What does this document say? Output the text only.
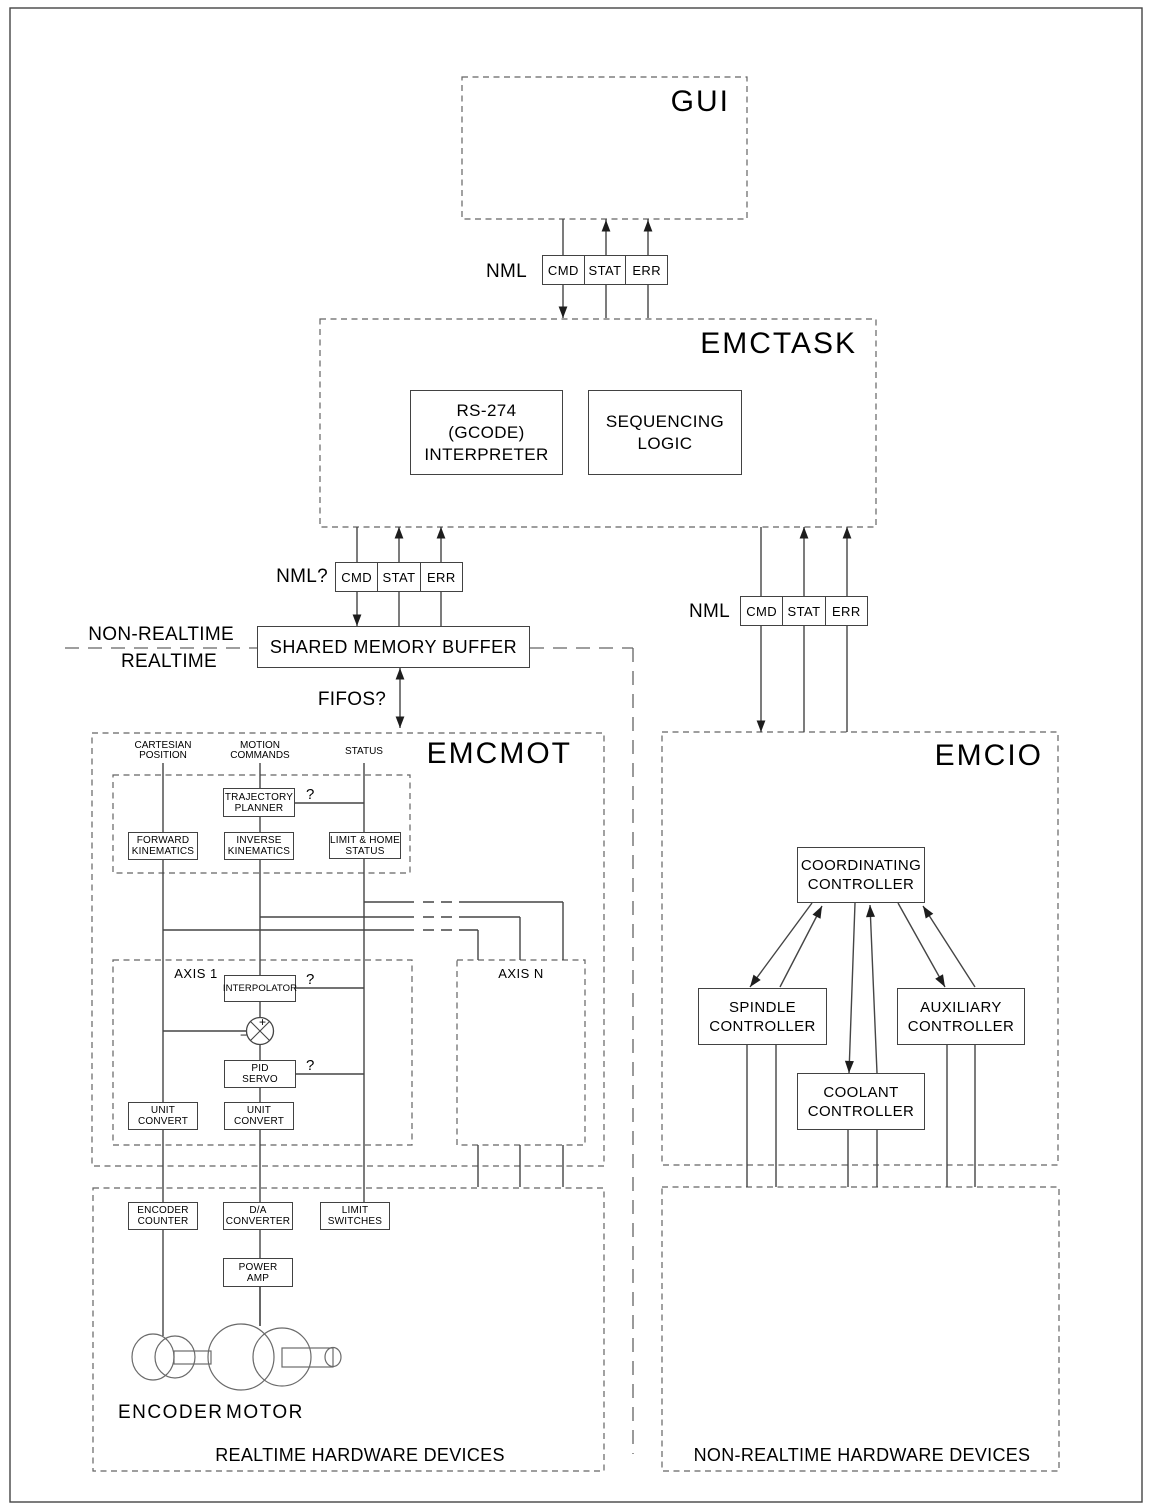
GUI
NML CMD STAT ERR
EMCTASK
RS-274
(GCODE)
INTERPRETER
SEQUENCING
LOGIC
NML? CMD STAT ERR
NML CMD STAT ERR
NON-REALTIME
REALTIME
SHARED MEMORY BUFFER
FIFOS?
EMCMOT
CARTESIAN
POSITION
MOTION
COMMANDS	STATUS
TRAJECTORY
PLANNER
?
FORWARD
KINEMATICS
INVERSE
KINEMATICS
LIMIT & HOME
STATUS
AXIS 1	AXIS N
INTERPOLATOR
?
+
−
PID
SERVO
?
UNIT
CONVERT
UNIT
CONVERT
EMCIO
COORDINATING
CONTROLLER
SPINDLE
CONTROLLER
AUXILIARY
CONTROLLER
COOLANT
CONTROLLER
ENCODER
COUNTER
D/A
CONVERTER
LIMIT
SWITCHES
POWER
AMP
ENCODER MOTOR
REALTIME HARDWARE DEVICES	NON-REALTIME HARDWARE DEVICES
